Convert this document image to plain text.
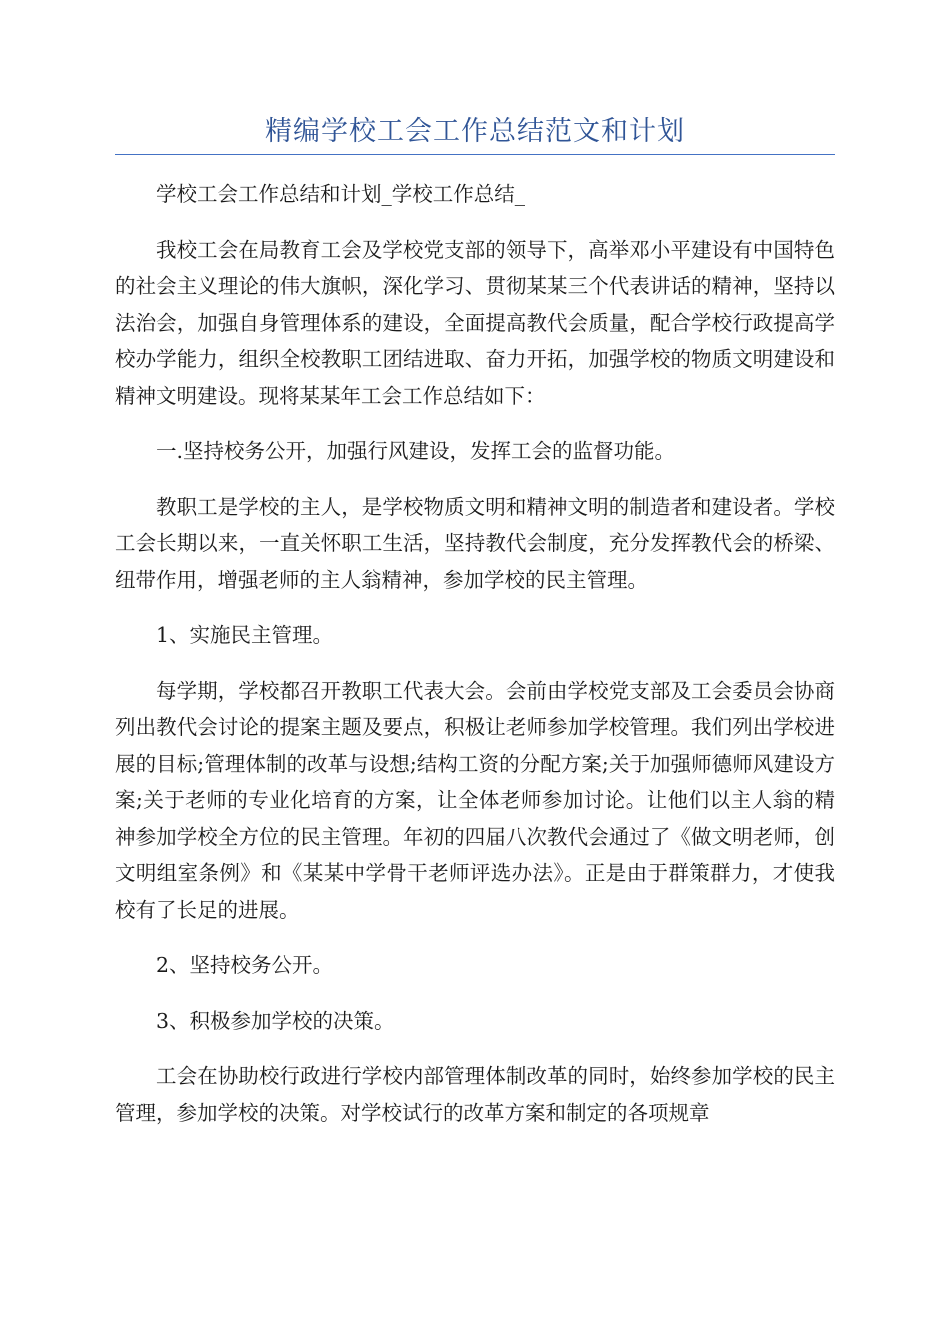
精编学校工会工作总结范文和计划

学校工会工作总结和计划_学校工作总结_

我校工会在局教育工会及学校党支部的领导下，高举邓小平建设有中国特色的社会主义理论的伟大旗帜，深化学习、贯彻某某三个代表讲话的精神，坚持以法治会，加强自身管理体系的建设，全面提高教代会质量，配合学校行政提高学校办学能力，组织全校教职工团结进取、奋力开拓，加强学校的物质文明建设和精神文明建设。现将某某年工会工作总结如下：

一.坚持校务公开，加强行风建设，发挥工会的监督功能。

教职工是学校的主人，是学校物质文明和精神文明的制造者和建设者。学校工会长期以来，一直关怀职工生活，坚持教代会制度，充分发挥教代会的桥梁、纽带作用，增强老师的主人翁精神，参加学校的民主管理。

1、实施民主管理。

每学期，学校都召开教职工代表大会。会前由学校党支部及工会委员会协商列出教代会讨论的提案主题及要点，积极让老师参加学校管理。我们列出学校进展的目标;管理体制的改革与设想;结构工资的分配方案;关于加强师德师风建设方案;关于老师的专业化培育的方案，让全体老师参加讨论。让他们以主人翁的精神参加学校全方位的民主管理。年初的四届八次教代会通过了《做文明老师，创文明组室条例》和《某某中学骨干老师评选办法》。正是由于群策群力，才使我校有了长足的进展。

2、坚持校务公开。

3、积极参加学校的决策。

工会在协助校行政进行学校内部管理体制改革的同时，始终参加学校的民主管理，参加学校的决策。对学校试行的改革方案和制定的各项规章
